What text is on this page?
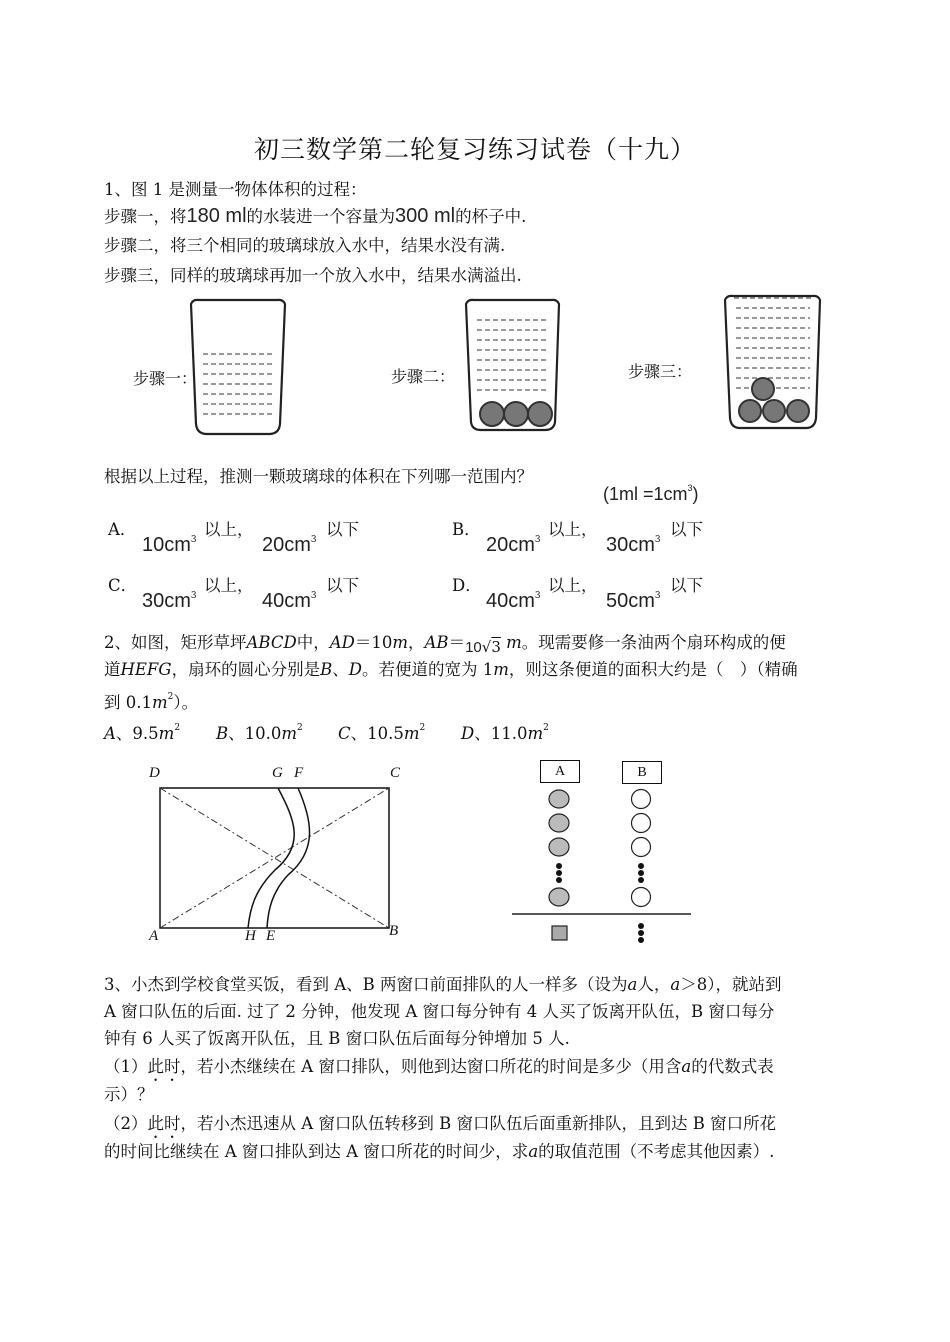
初三数学第二轮复习练习试卷（十九）
1、图 1 是测量一物体体积的过程：
步骤一，将180 ml的水装进一个容量为300 ml的杯子中.
步骤二，将三个相同的玻璃球放入水中，结果水没有满.
步骤三，同样的玻璃球再加一个放入水中，结果水满溢出.
步骤一：	步骤二：	步骤三：
根据以上过程，推测一颗玻璃球的体积在下列哪一范围内？
$(1ml =1cm^3)$
A．
$10cm^3$
以上，
$20cm^3$
以下	B．
$20cm^3$
以上，
$30cm^3$
以下
C．
$30cm^3$
以上，
$40cm^3$
以下	D．
$40cm^3$
以上，
$50cm^3$
以下
2、如图，矩形草坪ABCD中，AD＝10m，AB＝10√3 m。现需要修一条油两个扇环构成的便
道HEFG，扇环的圆心分别是B、D。若便道的宽为 1m，则这条便道的面积大约是（　）（精确
到 $0.1m^2$）。
A、$9.5m^2$ B、$10.0m^2$ C、$10.5m^2$ D、$11.0m^2$
D	G F	C
A	H E	B
A	B
3、小杰到学校食堂买饭，看到 A、B 两窗口前面排队的人一样多（设为a人，a＞8），就站到
A 窗口队伍的后面. 过了 2 分钟，他发现 A 窗口每分钟有 4 人买了饭离开队伍，B 窗口每分
钟有 6 人买了饭离开队伍，且 B 窗口队伍后面每分钟增加 5 人.
（1）此时，若小杰继续在 A 窗口排队，则他到达窗口所花的时间是多少（用含a的代数式表
示）？
（2）此时，若小杰迅速从 A 窗口队伍转移到 B 窗口队伍后面重新排队，且到达 B 窗口所花
的时间比继续在 A 窗口排队到达 A 窗口所花的时间少，求a的取值范围（不考虑其他因素）.
